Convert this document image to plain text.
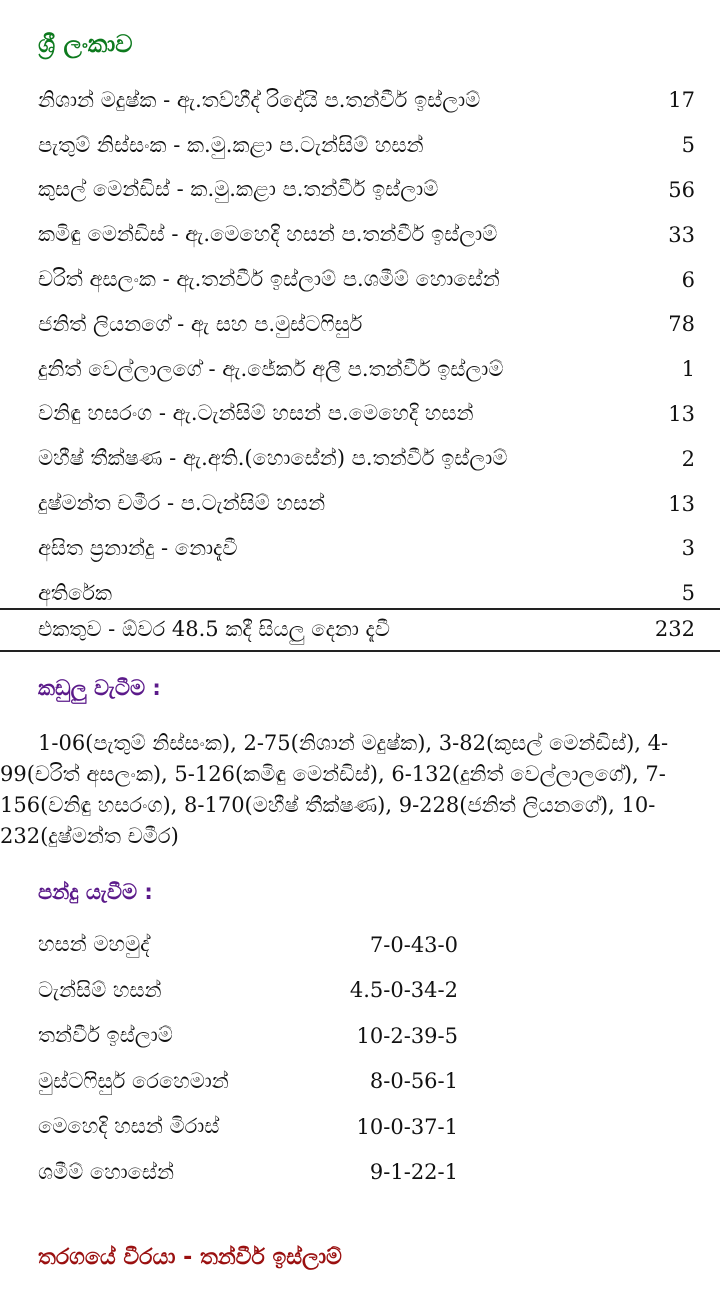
ශ්‍රී ලංකාව
නිශාන් මදුෂ්ක - ඇ.තව්හීද් රිදෝයි ප.තන්වීර් ඉස්ලාම්	17
පැතුම් නිස්සංක - ක.මු.කළා ප.ටැන්සිම් හසන්	5
කුසල් මෙන්ඩිස් - ක.මු.කළා ප.තන්වීර් ඉස්ලාම්	56
කමිඳු මෙන්ඩිස් - ඇ.මෙහෙදි හසන් ප.තන්වීර් ඉස්ලාම්	33
චරිත් අසලංක - ඇ.තන්වීර් ඉස්ලාම් ප.ශමීම් හොසේන්	6
ජනිත් ලියනගේ - ඇ සහ ප.මුස්ටෆිසුර්	78
දුනිත් වෙල්ලාලගේ - ඇ.ජේකර් අලී ප.තන්වීර් ඉස්ලාම්	1
වනිඳු හසරංග - ඇ.ටැන්සිම් හසන් ප.මෙහෙදි හසන්	13
මහීෂ් තීක්ෂණ - ඇ.අති.(හොසේන්) ප.තන්වීර් ඉස්ලාම්	2
දුෂ්මන්ත චමීර - ප.ටැන්සිම් හසන්	13
අසිත ප්‍රනාන්දු - නොදැවී	3
අතිරේක	5
එකතුව - ඕවර 48.5 කදී සියලු දෙනා දැවී	232
කඩුලු වැටීම :
1-06(පැතුම් නිස්සංක), 2-75(නිශාන් මදුෂ්ක), 3-82(කුසල් මෙන්ඩිස්), 4-99(චරිත් අසලංක), 5-126(කමිඳු මෙන්ඩිස්), 6-132(දුනිත් වෙල්ලාලගේ), 7-156(වනිඳු හසරංග), 8-170(මහීෂ් තීක්ෂණ), 9-228(ජනිත් ලියනගේ), 10-232(දුෂ්මන්ත චමීර)
පන්දු යැවීම :
හසන් මහමුද්	7-0-43-0
ටැන්සිම් හසන්	4.5-0-34-2
තන්වීර් ඉස්ලාම්	10-2-39-5
මුස්ටෆිසුර් රෙහෙමාන්	8-0-56-1
මෙහෙදි හසන් මිරාස්	10-0-37-1
ශමීම් හොසේන්	9-1-22-1
තරගයේ වීරයා - තන්වීර් ඉස්ලාම්
